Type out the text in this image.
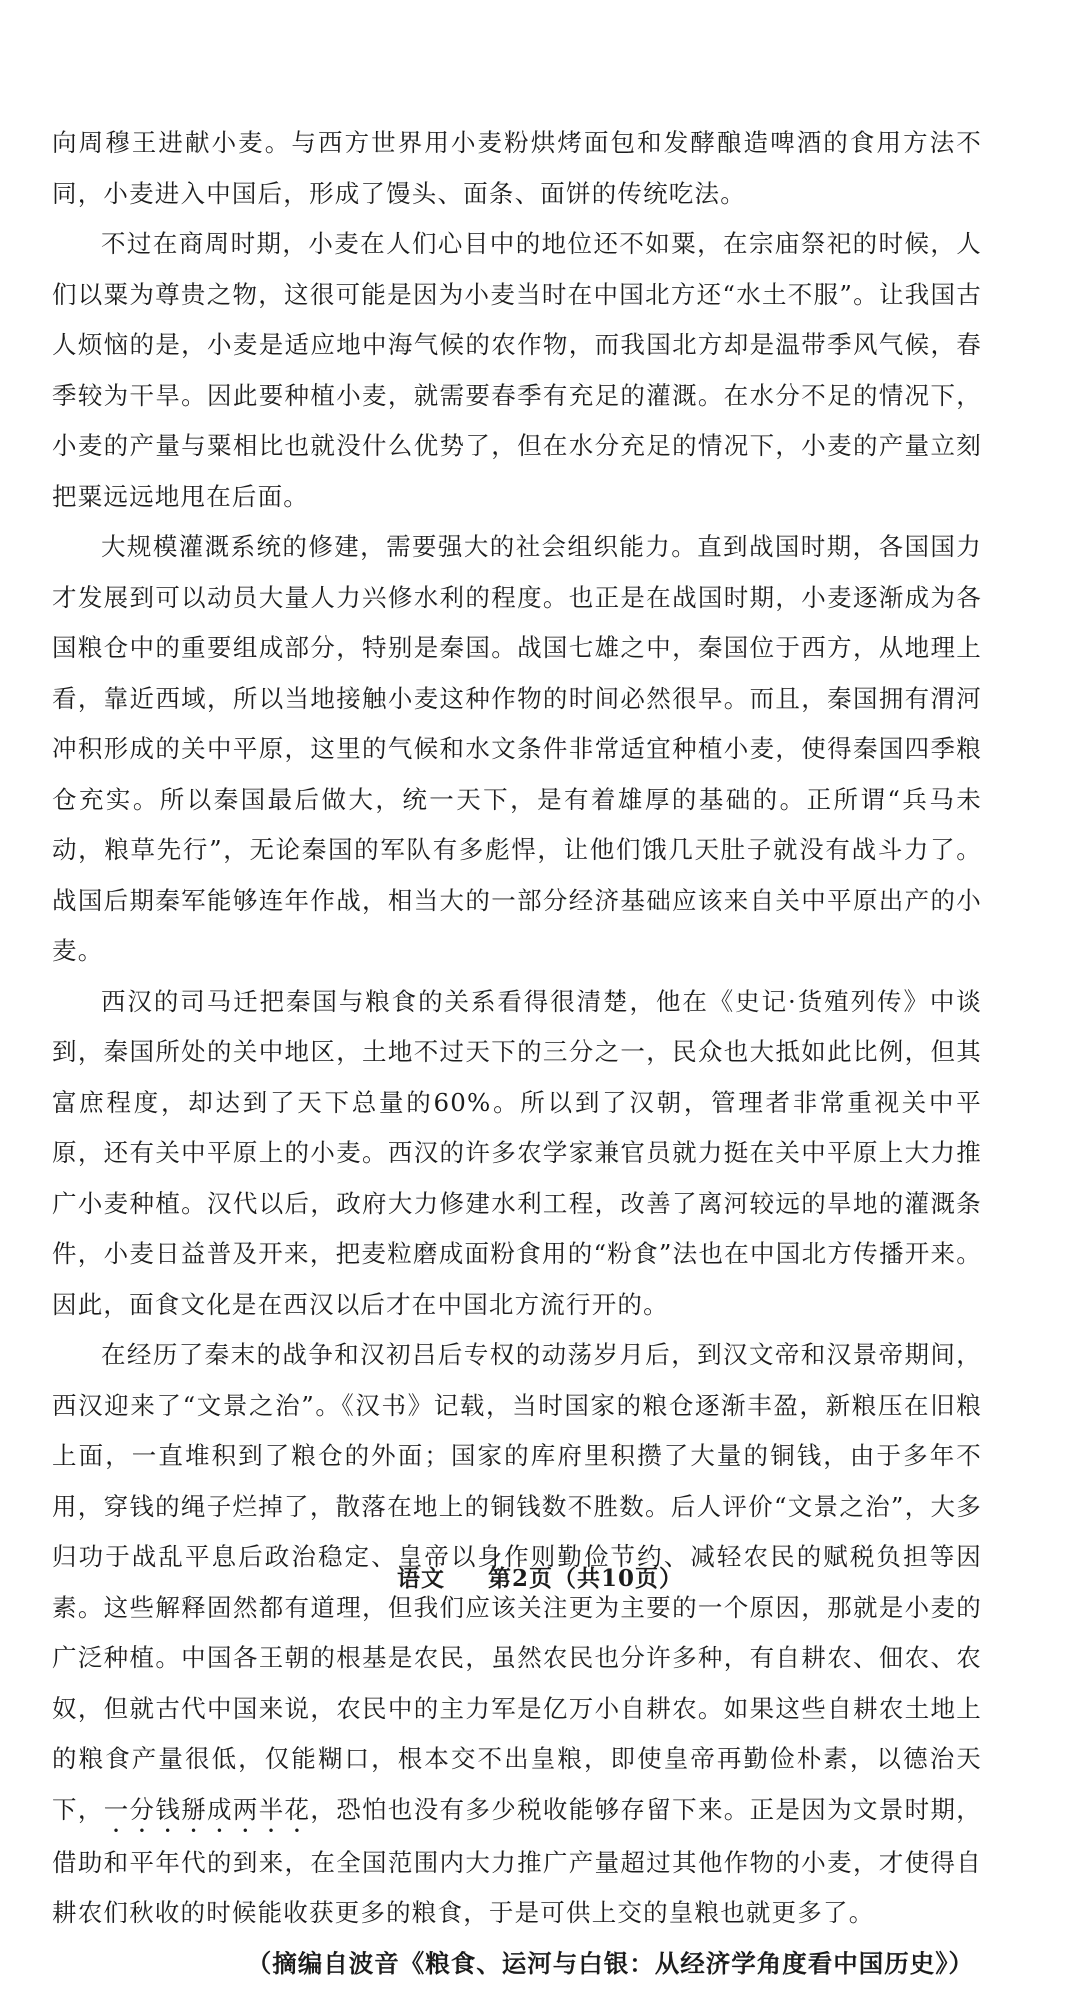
向周穆王进献小麦。与西方世界用小麦粉烘烤面包和发酵酿造啤酒的食用方法不同，小麦进入中国后，形成了馒头、面条、面饼的传统吃法。

不过在商周时期，小麦在人们心目中的地位还不如粟，在宗庙祭祀的时候，人们以粟为尊贵之物，这很可能是因为小麦当时在中国北方还“水土不服”。让我国古人烦恼的是，小麦是适应地中海气候的农作物，而我国北方却是温带季风气候，春季较为干旱。因此要种植小麦，就需要春季有充足的灌溉。在水分不足的情况下，小麦的产量与粟相比也就没什么优势了，但在水分充足的情况下，小麦的产量立刻把粟远远地甩在后面。

大规模灌溉系统的修建，需要强大的社会组织能力。直到战国时期，各国国力才发展到可以动员大量人力兴修水利的程度。也正是在战国时期，小麦逐渐成为各国粮仓中的重要组成部分，特别是秦国。战国七雄之中，秦国位于西方，从地理上看，靠近西域，所以当地接触小麦这种作物的时间必然很早。而且，秦国拥有渭河冲积形成的关中平原，这里的气候和水文条件非常适宜种植小麦，使得秦国四季粮仓充实。所以秦国最后做大，统一天下，是有着雄厚的基础的。正所谓“兵马未动，粮草先行”，无论秦国的军队有多彪悍，让他们饿几天肚子就没有战斗力了。战国后期秦军能够连年作战，相当大的一部分经济基础应该来自关中平原出产的小麦。

西汉的司马迁把秦国与粮食的关系看得很清楚，他在《史记·货殖列传》中谈到，秦国所处的关中地区，土地不过天下的三分之一，民众也大抵如此比例，但其富庶程度，却达到了天下总量的60%。所以到了汉朝，管理者非常重视关中平原，还有关中平原上的小麦。西汉的许多农学家兼官员就力挺在关中平原上大力推广小麦种植。汉代以后，政府大力修建水利工程，改善了离河较远的旱地的灌溉条件，小麦日益普及开来，把麦粒磨成面粉食用的“粉食”法也在中国北方传播开来。因此，面食文化是在西汉以后才在中国北方流行开的。

在经历了秦末的战争和汉初吕后专权的动荡岁月后，到汉文帝和汉景帝期间，西汉迎来了“文景之治”。《汉书》记载，当时国家的粮仓逐渐丰盈，新粮压在旧粮上面，一直堆积到了粮仓的外面；国家的库府里积攒了大量的铜钱，由于多年不用，穿钱的绳子烂掉了，散落在地上的铜钱数不胜数。后人评价“文景之治”，大多归功于战乱平息后政治稳定、皇帝以身作则勤俭节约、减轻农民的赋税负担等因素。这些解释固然都有道理，但我们应该关注更为主要的一个原因，那就是小麦的广泛种植。中国各王朝的根基是农民，虽然农民也分许多种，有自耕农、佃农、农奴，但就古代中国来说，农民中的主力军是亿万小自耕农。如果这些自耕农土地上的粮食产量很低，仅能糊口，根本交不出皇粮，即使皇帝再勤俭朴素，以德治天下，一分钱掰成两半花，恐怕也没有多少税收能够存留下来。正是因为文景时期，借助和平年代的到来，在全国范围内大力推广产量超过其他作物的小麦，才使得自耕农们秋收的时候能收获更多的粮食，于是可供上交的皇粮也就更多了。

（摘编自波音《粮食、运河与白银：从经济学角度看中国历史》）

语文 第2页（共10页）
